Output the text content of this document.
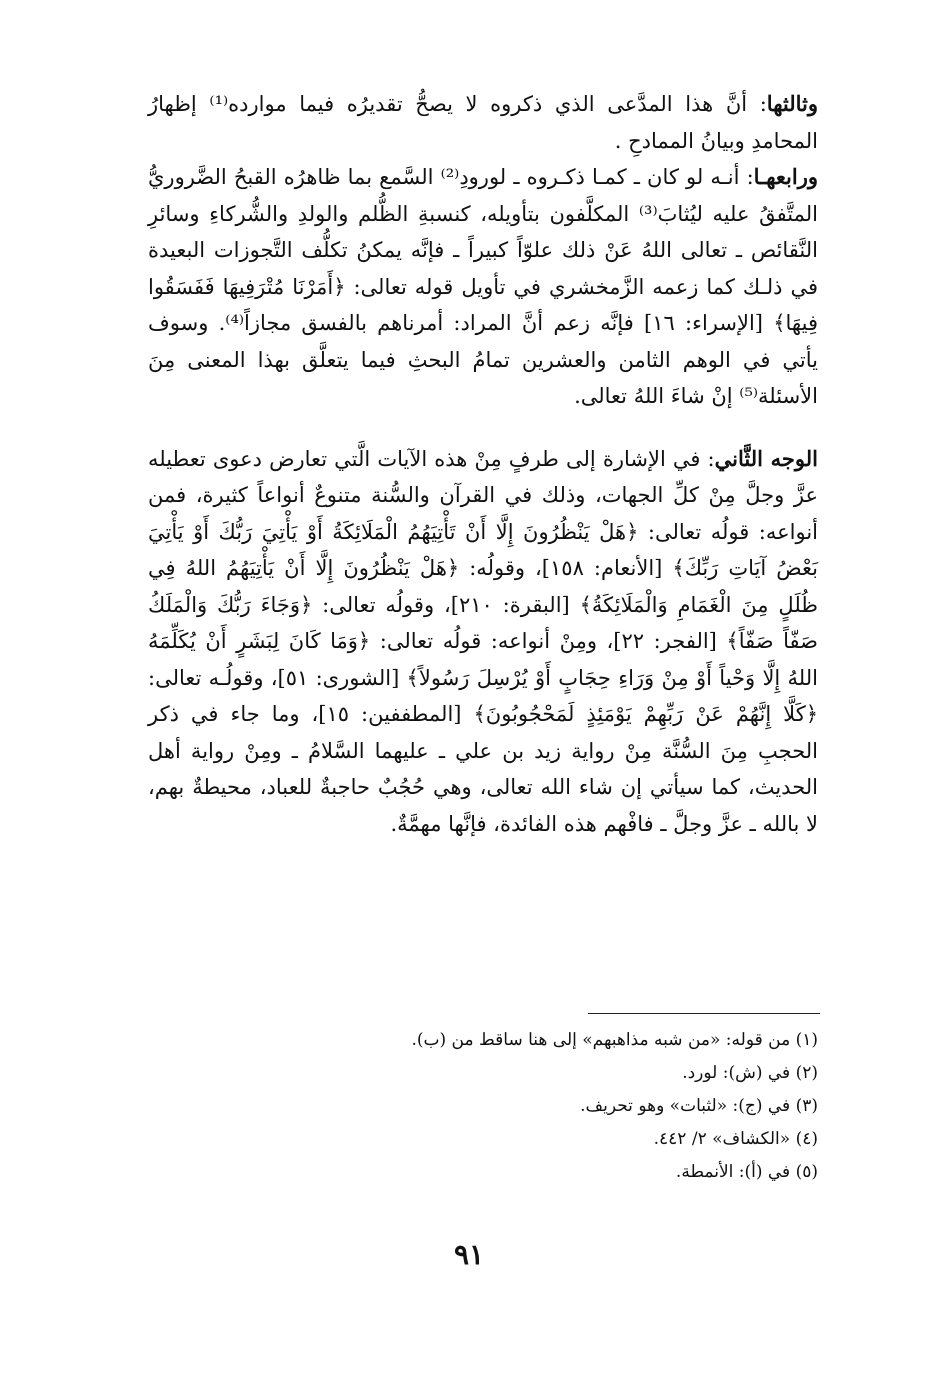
وثالثها: أنَّ هذا المدَّعى الذي ذكروه لا يصحُّ تقديرُه فيما موارده⁽¹⁾ إظهارُ المحامدِ وبيانُ الممادحِ .

ورابعهـا: أنـه لو كان ـ كمـا ذكـروه ـ لورودِ⁽²⁾ السَّمع بما ظاهرُه القبحُ الضَّروريُّ المتَّفقُ عليه ليُثابَ⁽³⁾ المكلَّفون بتأويله، كنسبةِ الظُّلم والولدِ والشُّركاءِ وسائرِ النَّقائص ـ تعالى اللهُ عَنْ ذلك علوّاً كبيراً ـ فإنَّه يمكنُ تكلُّف التَّجوزات البعيدة في ذلـك كما زعمه الزَّمخشري في تأويل قوله تعالى: ﴿أَمَرْنَا مُتْرَفِيهَا فَفَسَقُوا فِيهَا﴾ [الإسراء: ١٦] فإنَّه زعم أنَّ المراد: أمرناهم بالفسق مجازاً⁽⁴⁾. وسوف يأتي في الوهم الثامن والعشرين تمامُ البحثِ فيما يتعلَّق بهذا المعنى مِنَ الأسئلة⁽⁵⁾ إنْ شاءَ اللهُ تعالى.

الوجه الثَّاني: في الإشارة إلى طرفٍ مِنْ هذه الآيات الَّتي تعارض دعوى تعطيله عزَّ وجلَّ مِنْ كلِّ الجهات، وذلك في القرآن والسُّنة متنوعٌ أنواعاً كثيرة، فمن أنواعه: قولُه تعالى: ﴿هَلْ يَنْظُرُونَ إِلَّا أَنْ تَأْتِيَهُمُ الْمَلَائِكَةُ أَوْ يَأْتِيَ رَبُّكَ أَوْ يَأْتِيَ بَعْضُ آيَاتِ رَبِّكَ﴾ [الأنعام: ١٥٨]، وقولُه: ﴿هَلْ يَنْظُرُونَ إِلَّا أَنْ يَأْتِيَهُمُ اللهُ فِي ظُلَلٍ مِنَ الْغَمَامِ وَالْمَلَائِكَةُ﴾ [البقرة: ٢١٠]، وقولُه تعالى: ﴿وَجَاءَ رَبُّكَ وَالْمَلَكُ صَفّاً صَفّاً﴾ [الفجر: ٢٢]، ومِنْ أنواعه: قولُه تعالى: ﴿وَمَا كَانَ لِبَشَرٍ أَنْ يُكَلِّمَهُ اللهُ إِلَّا وَحْياً أَوْ مِنْ وَرَاءِ حِجَابٍ أَوْ يُرْسِلَ رَسُولاً﴾ [الشورى: ٥١]، وقولُـه تعالى: ﴿كَلَّا إِنَّهُمْ عَنْ رَبِّهِمْ يَوْمَئِذٍ لَمَحْجُوبُونَ﴾ [المطففين: ١٥]، وما جاء في ذكر الحجبِ مِنَ السُّنَّة مِنْ رواية زيد بن علي ـ عليهما السَّلامُ ـ ومِنْ رواية أهل الحديث، كما سيأتي إن شاء الله تعالى، وهي حُجُبٌ حاجبةٌ للعباد، محيطةٌ بهم، لا بالله ـ عزَّ وجلَّ ـ فافْهم هذه الفائدة، فإنَّها مهمَّةٌ.

(١) من قوله: «من شبه مذاهبهم» إلى هنا ساقط من (ب).

(٢) في (ش): لورد.

(٣) في (ج): «لثبات» وهو تحريف.

(٤) «الكشاف» ٢/ ٤٤٢.

(٥) في (أ): الأنمطة.

٩١
